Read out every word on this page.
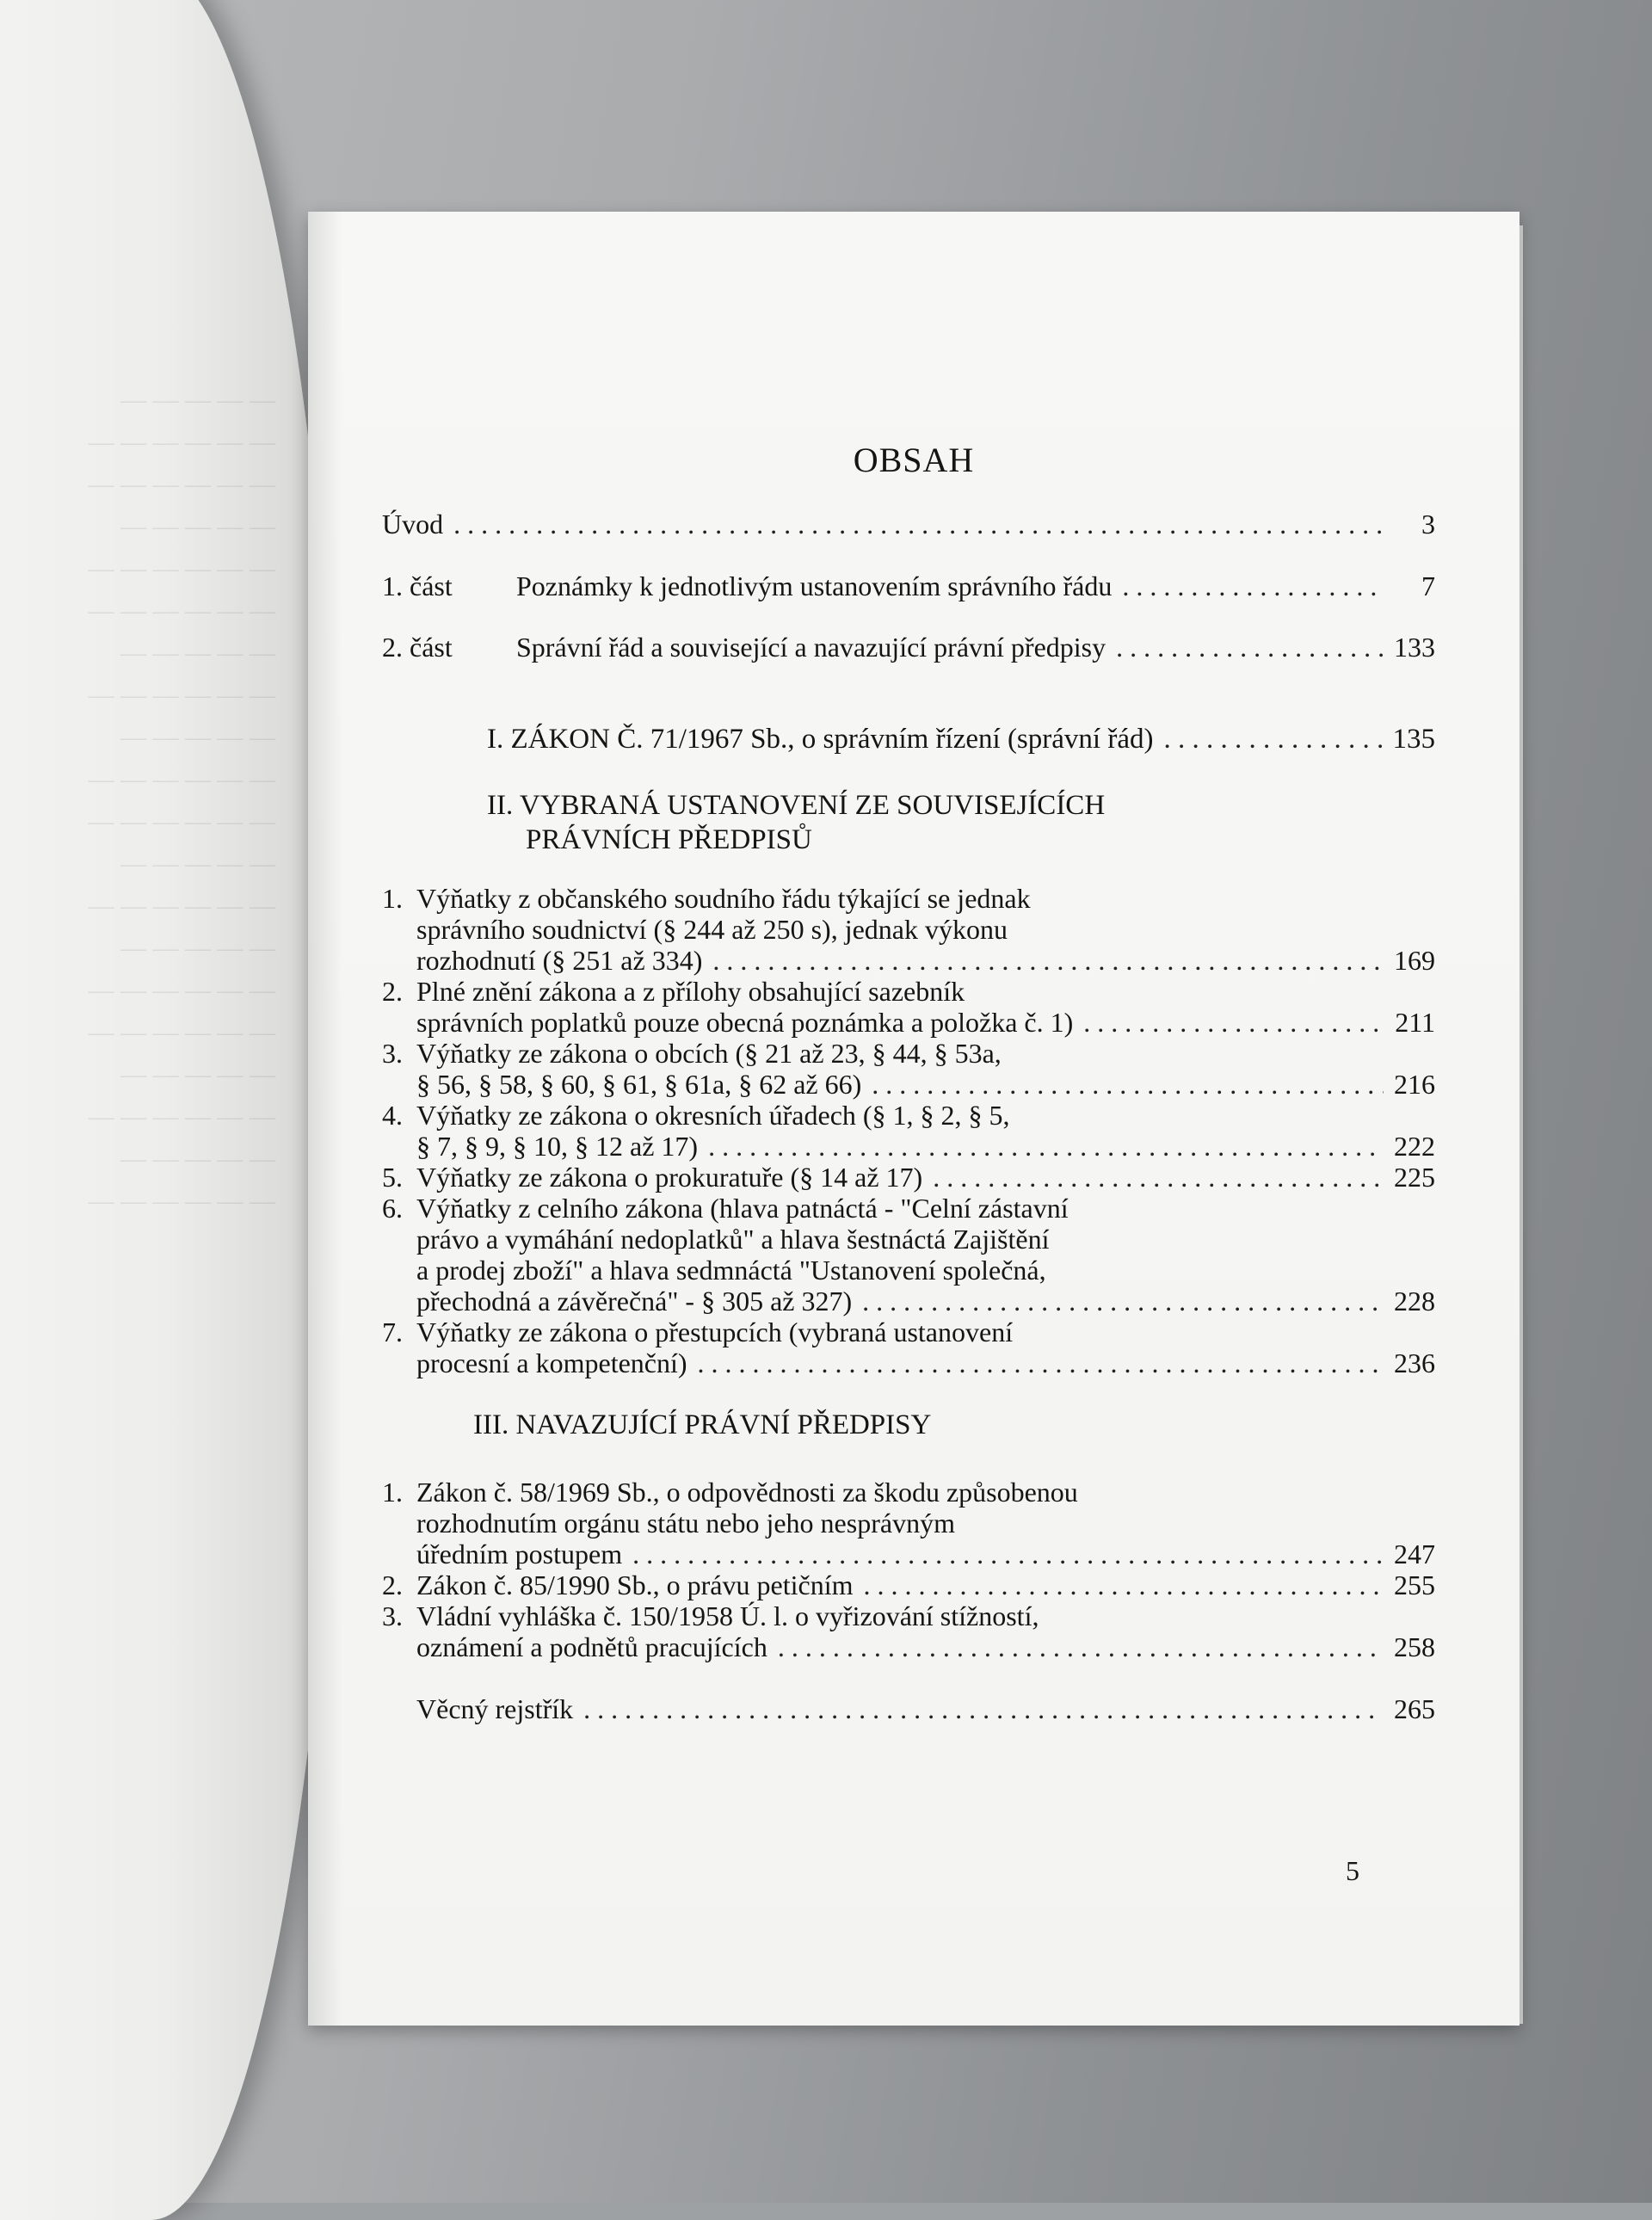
— — — — —
— — — — — —
— — — — — —
— — — — —
— — — — — —
— — — — — —
— — — — —
— — — — — —
— — — — —
— — — — — —
— — — — — —
— — — — —
— — — — — —
— — — — —
— — — — — —
— — — — — —
— — — — —
— — — — — —
— — — — —
— — — — — —
OBSAH
Úvod . . .	3
1. část	Poznámky k jednotlivým ustanovením správního řádu . . .	7
2. část	Správní řád a související a navazující právní předpisy . . .	133
I. ZÁKON Č. 71/1967 Sb., o správním řízení (správní řád) . . .	135
II. VYBRANÁ USTANOVENÍ ZE SOUVISEJÍCÍCH
PRÁVNÍCH PŘEDPISŮ
1. Výňatky z občanského soudního řádu týkající se jednak
správního soudnictví (§ 244 až 250 s), jednak výkonu
rozhodnutí (§ 251 až 334) . . .	169
2. Plné znění zákona a z přílohy obsahující sazebník
správních poplatků pouze obecná poznámka a položka č. 1) . . .	211
3. Výňatky ze zákona o obcích (§ 21 až 23, § 44, § 53a,
§ 56, § 58, § 60, § 61, § 61a, § 62 až 66) . . .	216
4. Výňatky ze zákona o okresních úřadech (§ 1, § 2, § 5,
§ 7, § 9, § 10, § 12 až 17) . . .	222
5. Výňatky ze zákona o prokuratuře (§ 14 až 17) . . .	225
6. Výňatky z celního zákona (hlava patnáctá - "Celní zástavní
právo a vymáhání nedoplatků" a hlava šestnáctá Zajištění
a prodej zboží" a hlava sedmnáctá "Ustanovení společná,
přechodná a závěrečná" - § 305 až 327) . . .	228
7. Výňatky ze zákona o přestupcích (vybraná ustanovení
procesní a kompetenční) . . .	236
III. NAVAZUJÍCÍ PRÁVNÍ PŘEDPISY
1. Zákon č. 58/1969 Sb., o odpovědnosti za škodu způsobenou
rozhodnutím orgánu státu nebo jeho nesprávným
úředním postupem . . .	247
2. Zákon č. 85/1990 Sb., o právu petičním . . .	255
3. Vládní vyhláška č. 150/1958 Ú. l. o vyřizování stížností,
oznámení a podnětů pracujících . . .	258
Věcný rejstřík . . .	265
5
